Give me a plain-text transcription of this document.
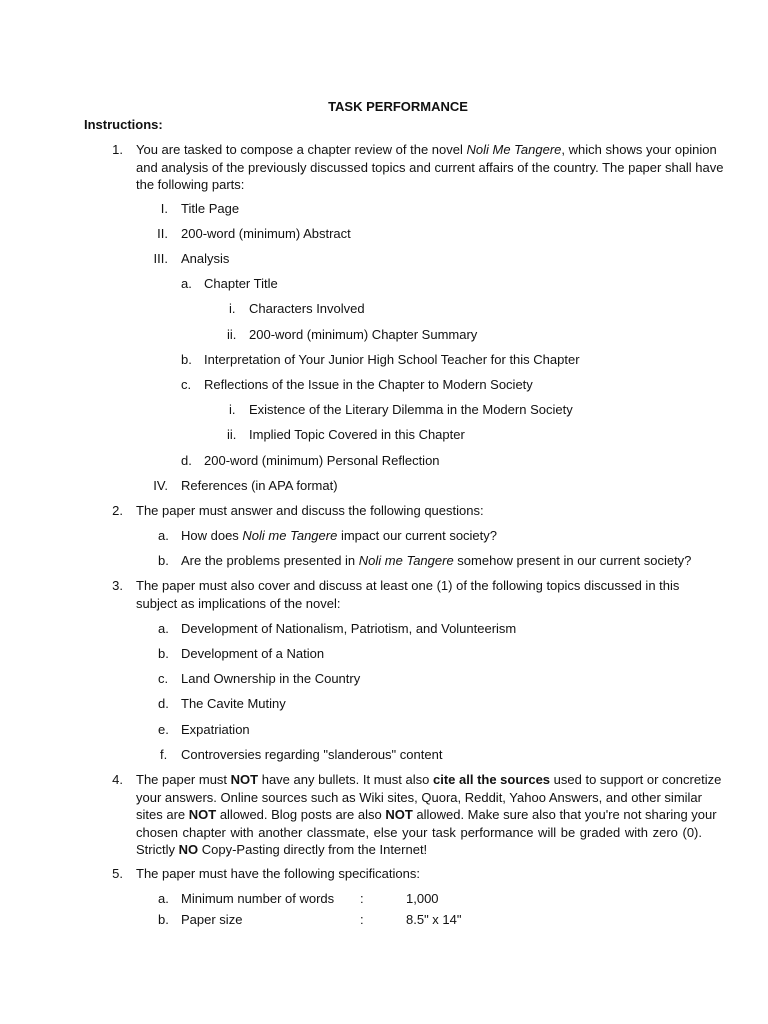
TASK PERFORMANCE
Instructions:
1. You are tasked to compose a chapter review of the novel Noli Me Tangere, which shows your opinion
and analysis of the previously discussed topics and current affairs of the country. The paper shall have
the following parts:
I. Title Page
II. 200-word (minimum) Abstract
III. Analysis
a. Chapter Title
i. Characters Involved
ii. 200-word (minimum) Chapter Summary
b. Interpretation of Your Junior High School Teacher for this Chapter
c. Reflections of the Issue in the Chapter to Modern Society
i. Existence of the Literary Dilemma in the Modern Society
ii. Implied Topic Covered in this Chapter
d. 200-word (minimum) Personal Reflection
IV. References (in APA format)
2. The paper must answer and discuss the following questions:
a. How does Noli me Tangere impact our current society?
b. Are the problems presented in Noli me Tangere somehow present in our current society?
3. The paper must also cover and discuss at least one (1) of the following topics discussed in this
subject as implications of the novel:
a. Development of Nationalism, Patriotism, and Volunteerism
b. Development of a Nation
c. Land Ownership in the Country
d. The Cavite Mutiny
e. Expatriation
f. Controversies regarding "slanderous" content
4. The paper must NOT have any bullets. It must also cite all the sources used to support or concretize
your answers. Online sources such as Wiki sites, Quora, Reddit, Yahoo Answers, and other similar
sites are NOT allowed. Blog posts are also NOT allowed. Make sure also that you're not sharing your
chosen chapter with another classmate, else your task performance will be graded with zero (0).
Strictly NO Copy-Pasting directly from the Internet!
5. The paper must have the following specifications:
a. Minimum number of words :	1,000
b. Paper size	:	8.5" x 14"
